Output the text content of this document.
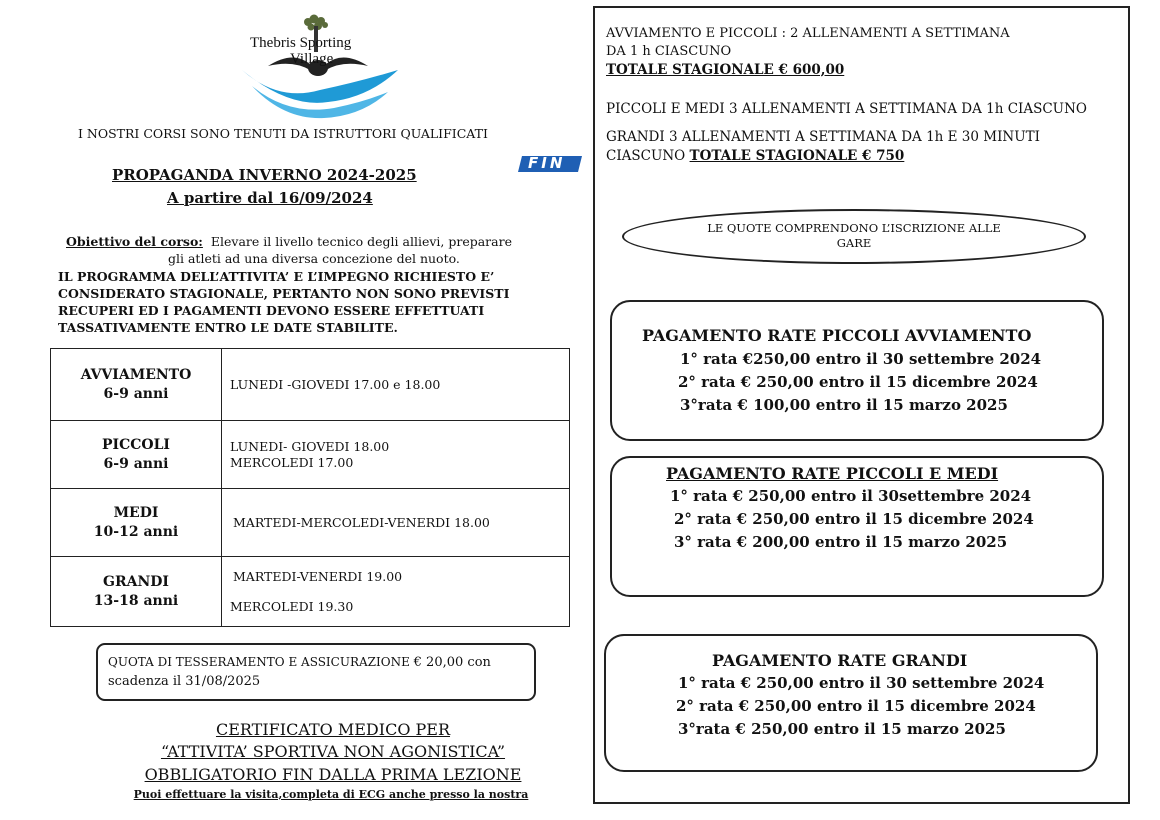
Thebris Sporting
Village
I NOSTRI CORSI SONO TENUTI DA ISTRUTTORI QUALIFICATI
FIN
PROPAGANDA INVERNO 2024-2025
A partire dal 16/09/2024
Obiettivo del corso: Elevare il livello tecnico degli allievi, preparare
gli atleti ad una diversa concezione del nuoto.
IL PROGRAMMA DELL’ATTIVITA’ E L’IMPEGNO RICHIESTO E’ CONSIDERATO STAGIONALE, PERTANTO NON SONO PREVISTI RECUPERI ED I PAGAMENTI DEVONO ESSERE EFFETTUATI TASSATIVAMENTE ENTRO LE DATE STABILITE.
AVVIAMENTO
6-9 anni	LUNEDI -GIOVEDI 17.00 e 18.00

PICCOLI
6-9 anni	LUNEDI- GIOVEDI 18.00
MERCOLEDI 17.00

MEDI
10-12 anni	MARTEDI-MERCOLEDI-VENERDI 18.00

GRANDI
13-18 anni	MARTEDI-VENERDI 19.00
MERCOLEDI 19.30
QUOTA DI TESSERAMENTO E ASSICURAZIONE € 20,00 con
scadenza il 31/08/2025
CERTIFICATO MEDICO PER
“ATTIVITA’ SPORTIVA NON AGONISTICA”
OBBLIGATORIO FIN DALLA PRIMA LEZIONE
Puoi effettuare la visita,completa di ECG anche presso la nostra
AVVIAMENTO E PICCOLI : 2 ALLENAMENTI A SETTIMANA
DA 1 h CIASCUNO
TOTALE STAGIONALE € 600,00
PICCOLI E MEDI 3 ALLENAMENTI A SETTIMANA DA 1h CIASCUNO
GRANDI 3 ALLENAMENTI A SETTIMANA DA 1h E 30 MINUTI
CIASCUNO TOTALE STAGIONALE € 750
LE QUOTE COMPRENDONO L’ISCRIZIONE ALLE
GARE
PAGAMENTO RATE PICCOLI AVVIAMENTO
1° rata €250,00 entro il 30 settembre 2024
2° rata € 250,00 entro il 15 dicembre 2024
3°rata € 100,00 entro il 15 marzo 2025
PAGAMENTO RATE PICCOLI E MEDI
1° rata € 250,00 entro il 30settembre 2024
2° rata € 250,00 entro il 15 dicembre 2024
3° rata € 200,00 entro il 15 marzo 2025
PAGAMENTO RATE GRANDI
1° rata € 250,00 entro il 30 settembre 2024
2° rata € 250,00 entro il 15 dicembre 2024
3°rata € 250,00 entro il 15 marzo 2025
